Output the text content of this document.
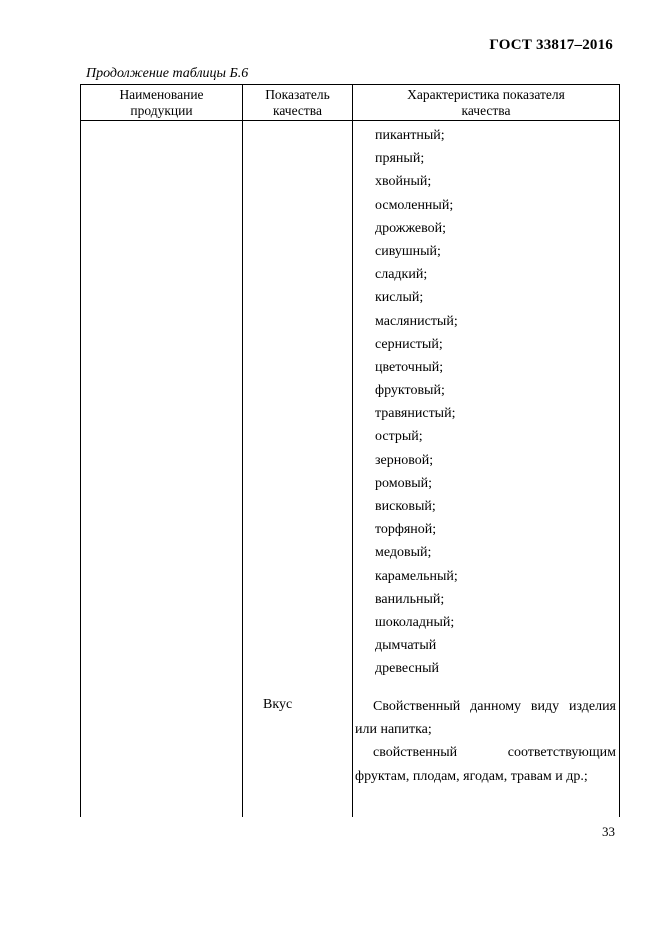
ГОСТ 33817–2016
Продолжение таблицы Б.6
Наименование
продукции
Показатель
качества
Характеристика показателя
качества
пикантный;
пряный;
хвойный;
осмоленный;
дрожжевой;
сивушный;
сладкий;
кислый;
маслянистый;
сернистый;
цветочный;
фруктовый;
травянистый;
острый;
зерновой;
ромовый;
висковый;
торфяной;
медовый;
карамельный;
ванильный;
шоколадный;
дымчатый
древесный
Вкус	Свойственный данному виду изделия или напитка;

свойственный соответствующим фруктам, плодам, ягодам, травам и др.;

33
